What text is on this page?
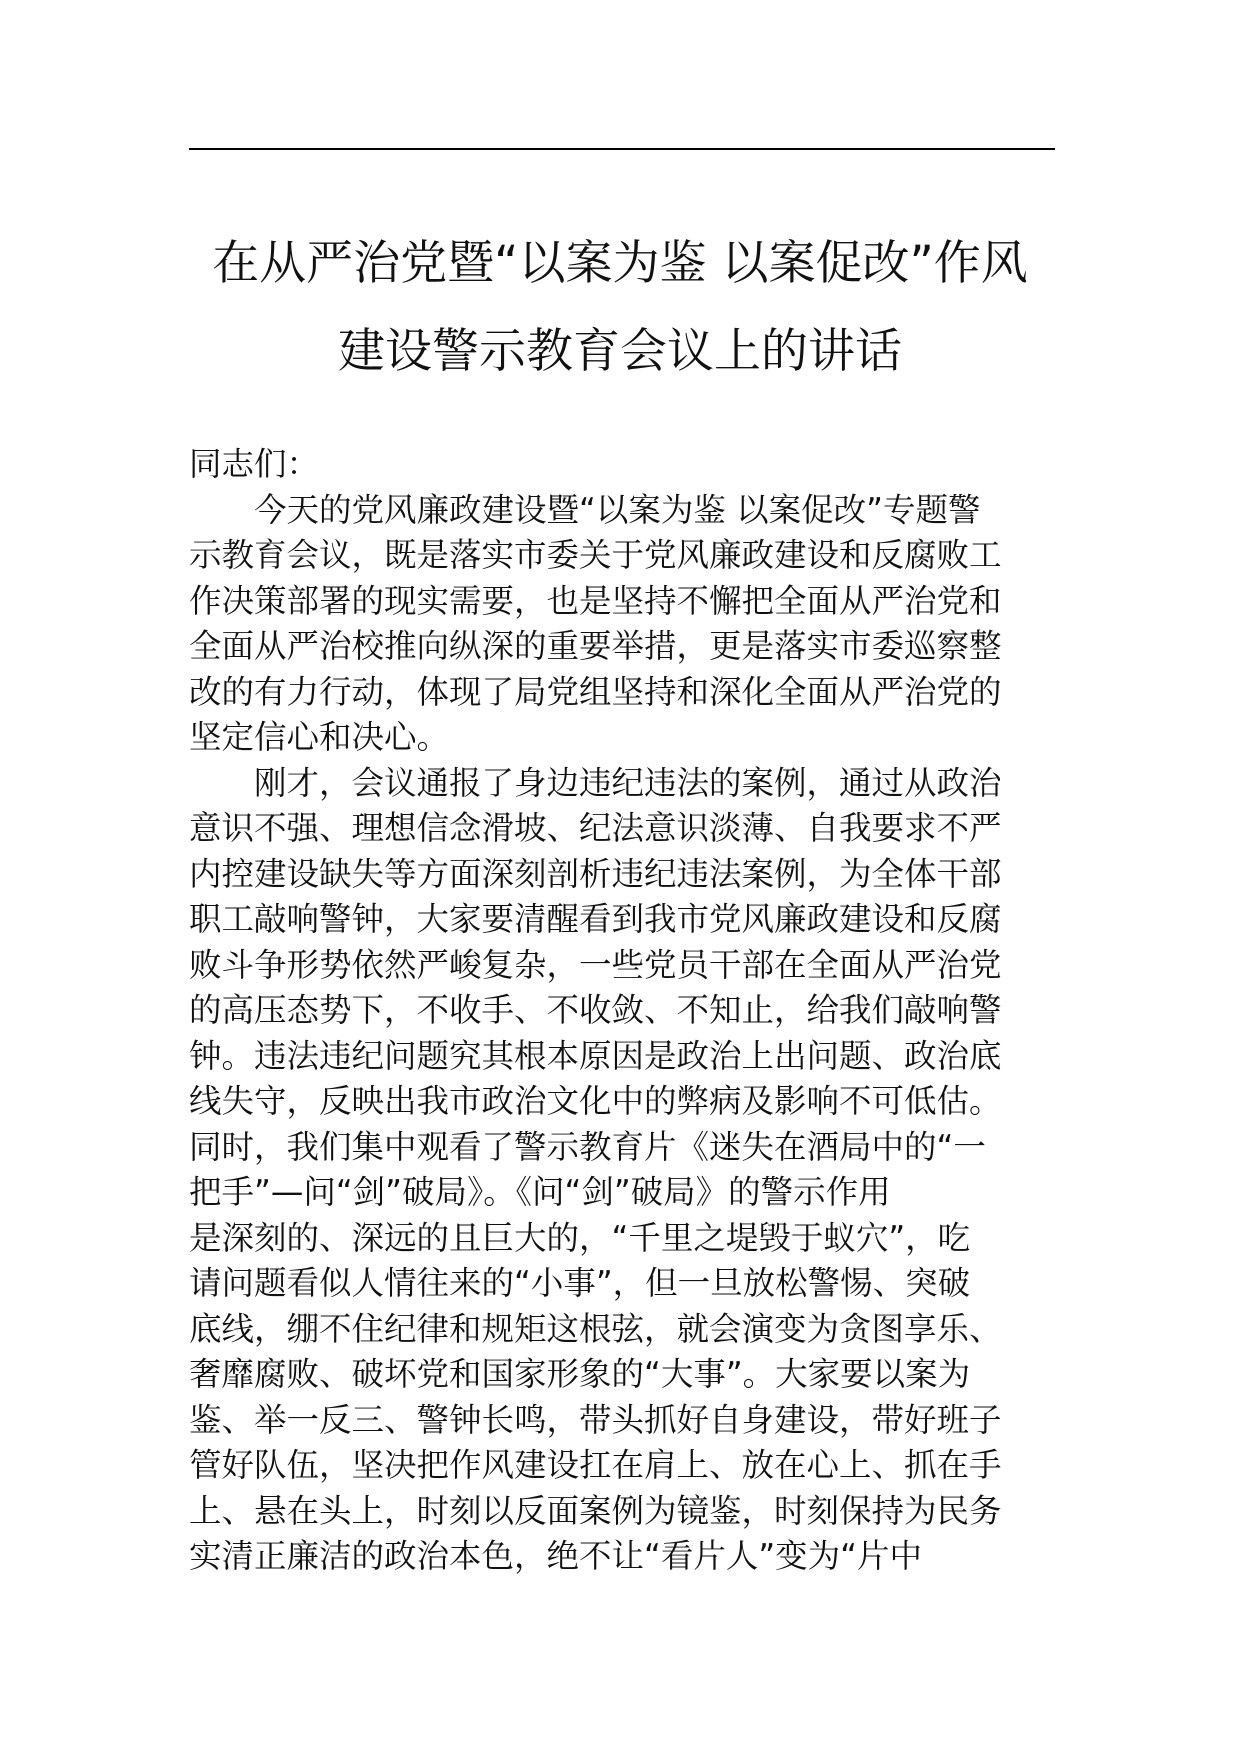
在从严治党暨“以案为鉴 以案促改”作风
建设警示教育会议上的讲话
同志们：
今天的党风廉政建设暨“以案为鉴 以案促改”专题警
示教育会议，既是落实市委关于党风廉政建设和反腐败工
作决策部署的现实需要，也是坚持不懈把全面从严治党和
全面从严治校推向纵深的重要举措，更是落实市委巡察整
改的有力行动，体现了局党组坚持和深化全面从严治党的
坚定信心和决心。
刚才，会议通报了身边违纪违法的案例，通过从政治
意识不强、理想信念滑坡、纪法意识淡薄、自我要求不严
内控建设缺失等方面深刻剖析违纪违法案例，为全体干部
职工敲响警钟，大家要清醒看到我市党风廉政建设和反腐
败斗争形势依然严峻复杂，一些党员干部在全面从严治党
的高压态势下，不收手、不收敛、不知止，给我们敲响警
钟。违法违纪问题究其根本原因是政治上出问题、政治底
线失守，反映出我市政治文化中的弊病及影响不可低估。
同时，我们集中观看了警示教育片《迷失在酒局中的“一
把手”—问“剑”破局》。《问“剑”破局》的警示作用
是深刻的、深远的且巨大的，“千里之堤毁于蚁穴”，吃
请问题看似人情往来的“小事”，但一旦放松警惕、突破
底线，绷不住纪律和规矩这根弦，就会演变为贪图享乐、
奢靡腐败、破坏党和国家形象的“大事”。大家要以案为
鉴、举一反三、警钟长鸣，带头抓好自身建设，带好班子
管好队伍，坚决把作风建设扛在肩上、放在心上、抓在手
上、悬在头上，时刻以反面案例为镜鉴，时刻保持为民务
实清正廉洁的政治本色，绝不让“看片人”变为“片中
